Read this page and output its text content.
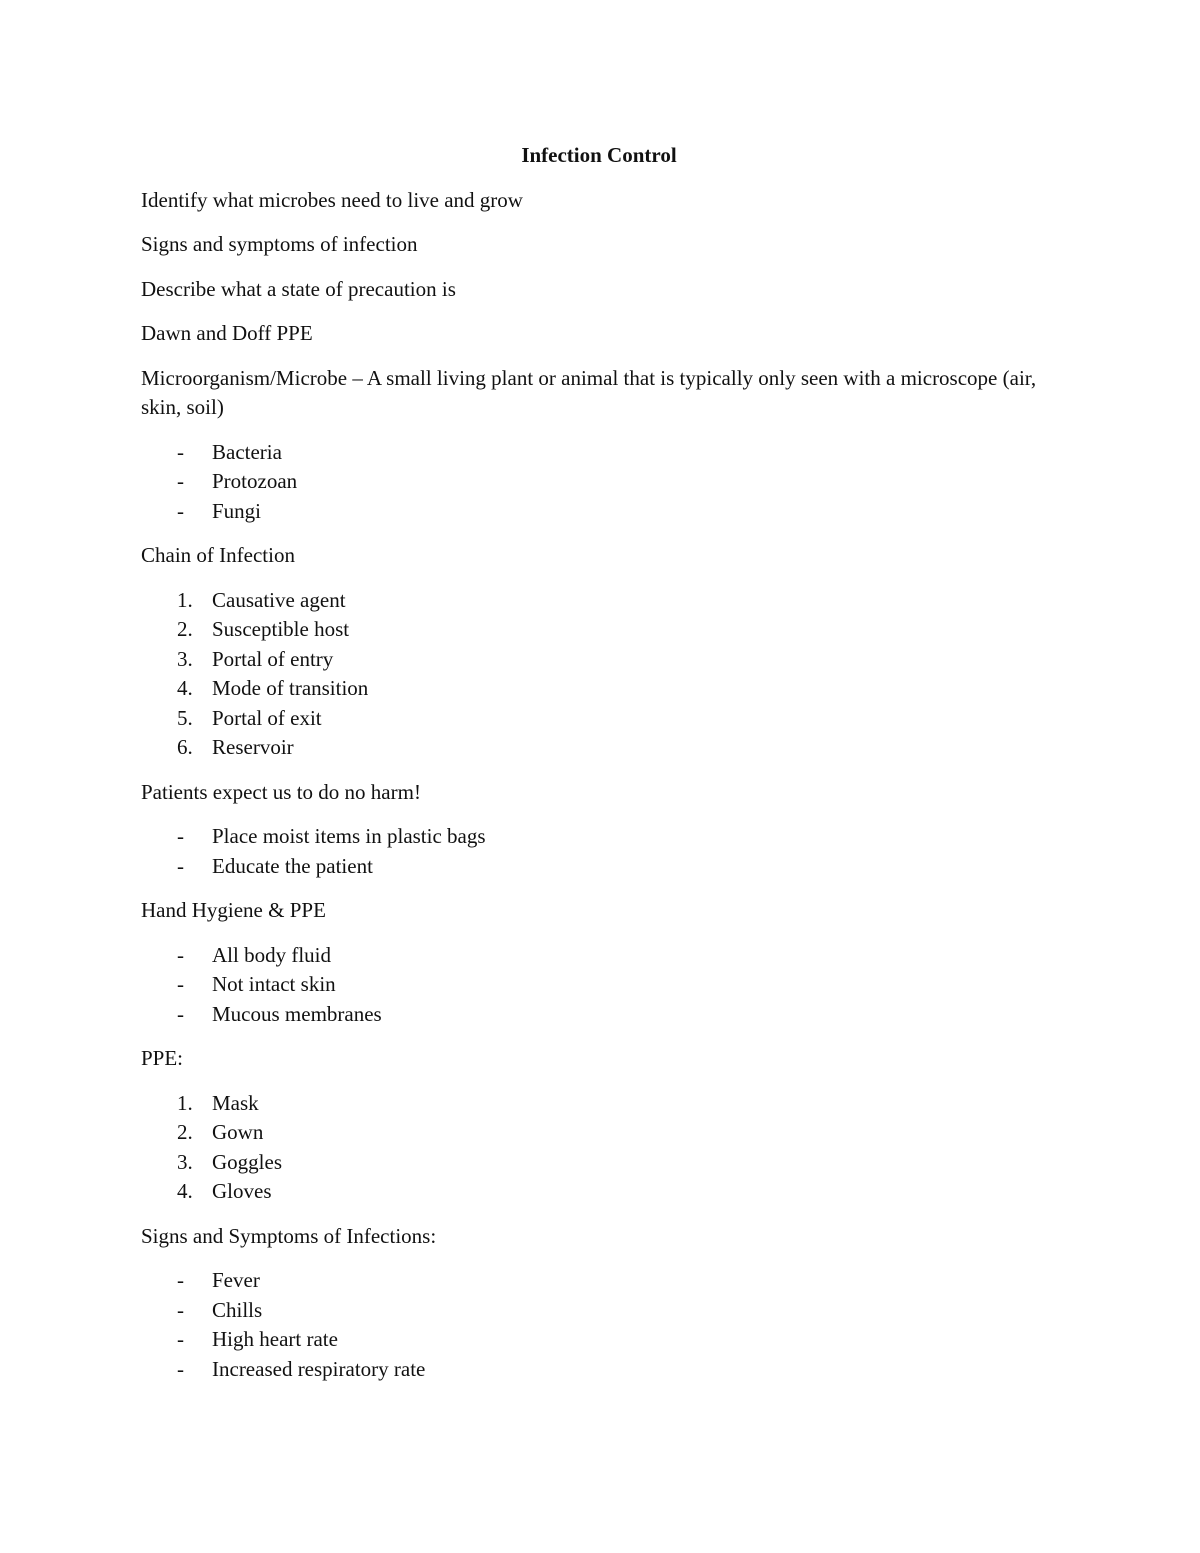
Infection Control
Identify what microbes need to live and grow
Signs and symptoms of infection
Describe what a state of precaution is
Dawn and Doff PPE
Microorganism/Microbe – A small living plant or animal that is typically only seen with a microscope (air, skin, soil)
- Bacteria
- Protozoan
- Fungi
Chain of Infection
1. Causative agent
2. Susceptible host
3. Portal of entry
4. Mode of transition
5. Portal of exit
6. Reservoir
Patients expect us to do no harm!
- Place moist items in plastic bags
- Educate the patient
Hand Hygiene & PPE
- All body fluid
- Not intact skin
- Mucous membranes
PPE:
1. Mask
2. Gown
3. Goggles
4. Gloves
Signs and Symptoms of Infections:
- Fever
- Chills
- High heart rate
- Increased respiratory rate
